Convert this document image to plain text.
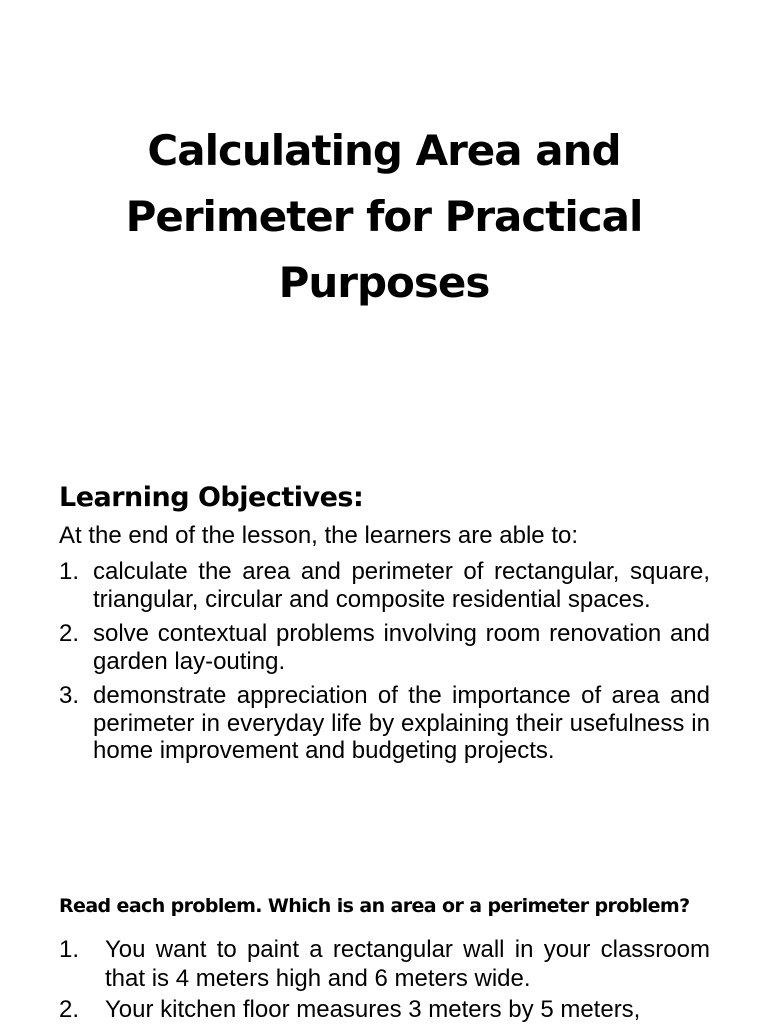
Calculating Area and
Perimeter for Practical
Purposes
Learning Objectives:

At the end of the lesson, the learners are able to:

1. calculate the area and perimeter of rectangular, square, triangular, circular and composite residential spaces.
2. solve contextual problems involving room renovation and garden lay-outing.
3. demonstrate appreciation of the importance of area and perimeter in everyday life by explaining their usefulness in home improvement and budgeting projects.
Read each problem. Which is an area or a perimeter problem?
1. You want to paint a rectangular wall in your classroom that is 4 meters high and 6 meters wide.
2. Your kitchen floor measures 3 meters by 5 meters,
